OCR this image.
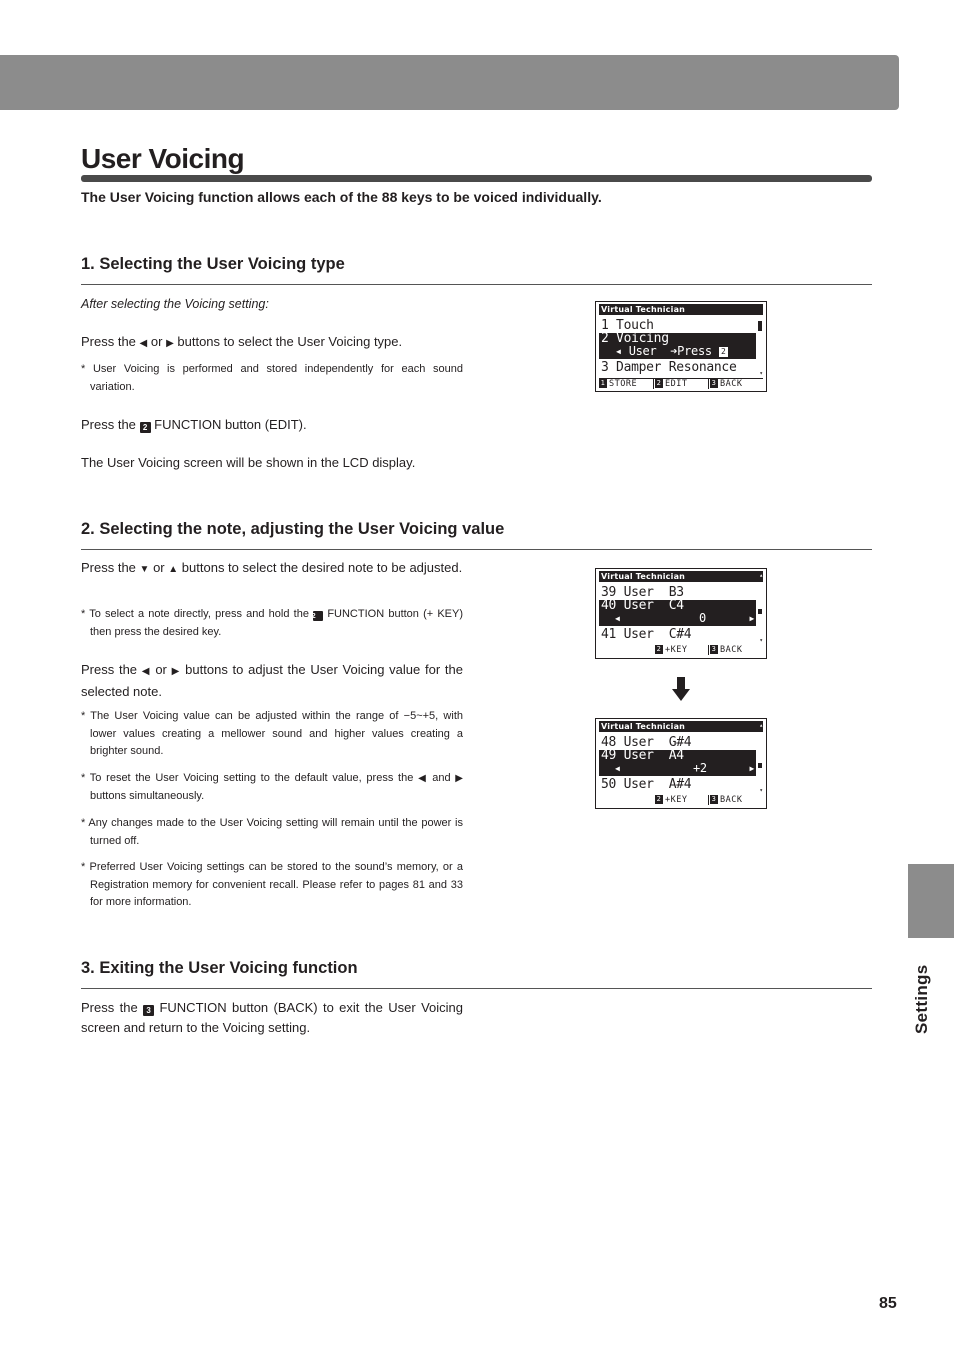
User Voicing

The User Voicing function allows each of the 88 keys to be voiced individually.

1. Selecting the User Voicing type

After selecting the Voicing setting:

Press the ◀ or ▶ buttons to select the User Voicing type.

* User Voicing is performed and stored independently for each sound variation.

Press the 2 FUNCTION button (EDIT).

The User Voicing screen will be shown in the LCD display.

Virtual Technician
1 Touch
2 Voicing
◂ User  ➔Press 2
3 Damper Resonance	▾
1 STORE	2 EDIT	3 BACK
2. Selecting the note, adjusting the User Voicing value

Press the ▼ or ▲ buttons to select the desired note to be adjusted.

* To select a note directly, press and hold the 2 FUNCTION button (+ KEY) then press the desired key.

Press the ◀ or ▶ buttons to adjust the User Voicing value for the selected note.

* The User Voicing value can be adjusted within the range of −5~+5, with lower values creating a mellower sound and higher values creating a brighter sound.

* To reset the User Voicing setting to the default value, press the ◀ and ▶ buttons simultaneously.

* Any changes made to the User Voicing setting will remain until the power is turned off.

* Preferred User Voicing settings can be stored to the sound’s memory, or a Registration memory for convenient recall. Please refer to pages 81 and 33 for more information.

Virtual Technician
39 User  B3
40 User  C4
◀	0	▶
41 User  C#4
▴
▾
2 +KEY	3 BACK
Virtual Technician
48 User  G#4
49 User  A4
◀	+2	▶
50 User  A#4
▴
▾
2 +KEY	3 BACK
3. Exiting the User Voicing function

Press the 3 FUNCTION button (BACK) to exit the User Voicing screen and return to the Voicing setting.	Settings
85
